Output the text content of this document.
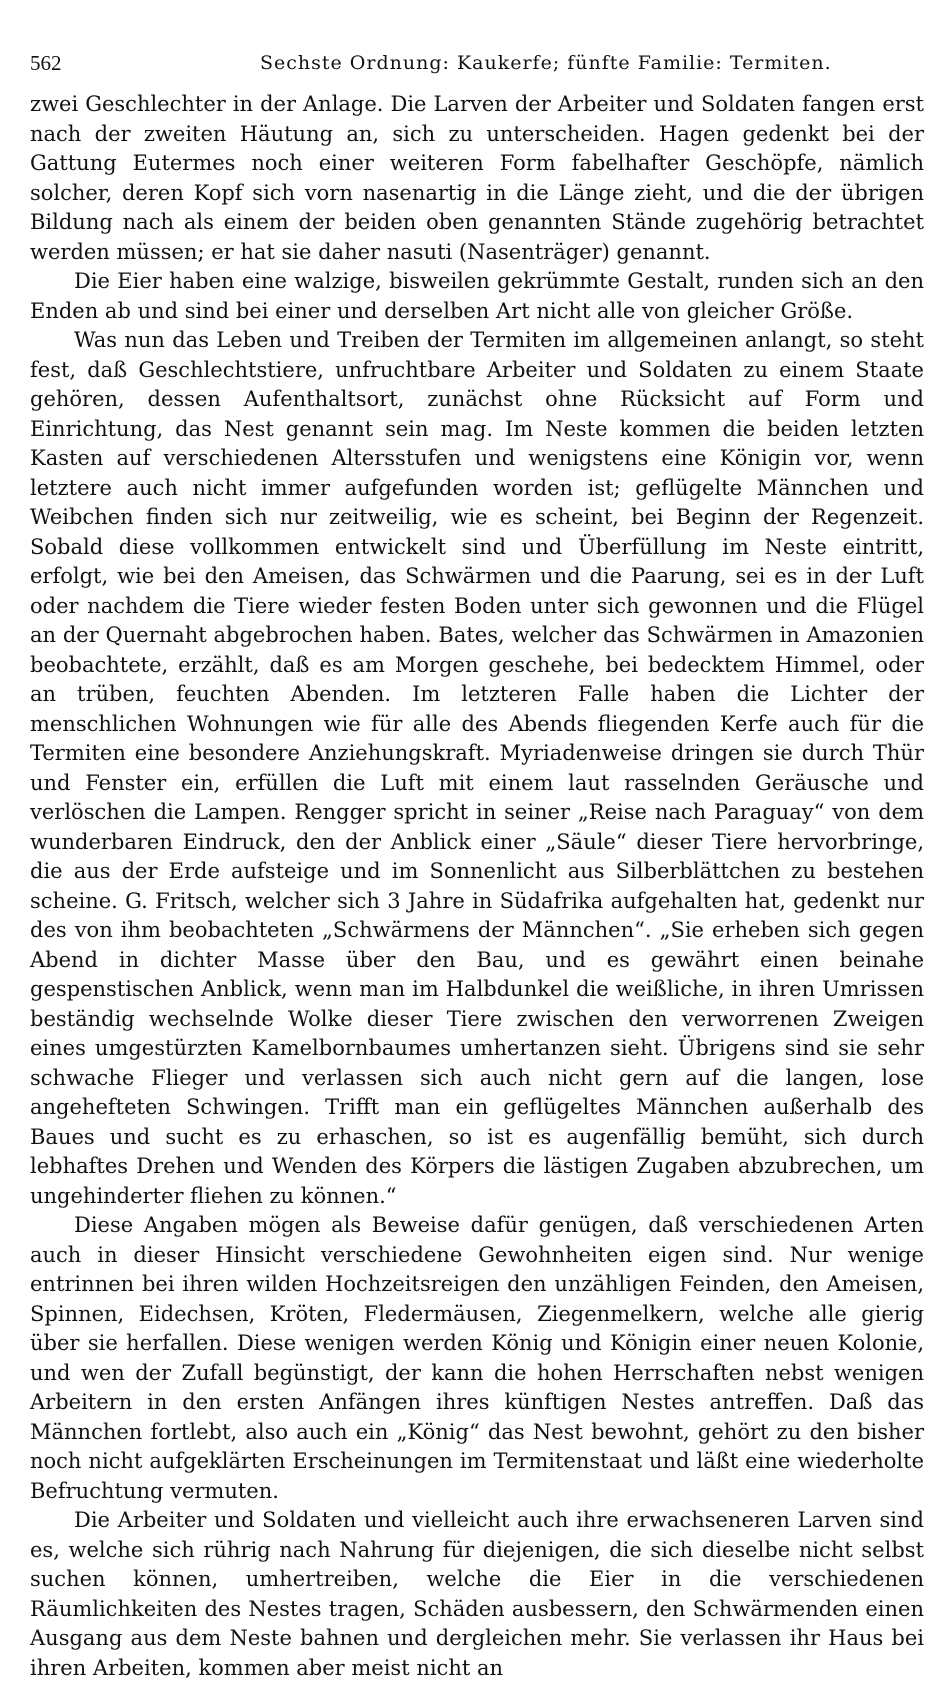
562	Sechste Ordnung: Kaukerfe; fünfte Familie: Termiten.

zwei Geschlechter in der Anlage. Die Larven der Arbeiter und Soldaten fangen erst nach der zweiten Häutung an, sich zu unterscheiden. Hagen gedenkt bei der Gattung Eutermes noch einer weiteren Form fabelhafter Geschöpfe, nämlich solcher, deren Kopf sich vorn nasenartig in die Länge zieht, und die der übrigen Bildung nach als einem der beiden oben genannten Stände zugehörig betrachtet werden müssen; er hat sie daher nasuti (Nasenträger) genannt.

Die Eier haben eine walzige, bisweilen gekrümmte Gestalt, runden sich an den Enden ab und sind bei einer und derselben Art nicht alle von gleicher Größe.

Was nun das Leben und Treiben der Termiten im allgemeinen anlangt, so steht fest, daß Geschlechtstiere, unfruchtbare Arbeiter und Soldaten zu einem Staate gehören, dessen Aufenthaltsort, zunächst ohne Rücksicht auf Form und Einrichtung, das Nest genannt sein mag. Im Neste kommen die beiden letzten Kasten auf verschiedenen Altersstufen und wenigstens eine Königin vor, wenn letztere auch nicht immer aufgefunden worden ist; geflügelte Männchen und Weibchen finden sich nur zeitweilig, wie es scheint, bei Beginn der Regenzeit. Sobald diese vollkommen entwickelt sind und Überfüllung im Neste eintritt, erfolgt, wie bei den Ameisen, das Schwärmen und die Paarung, sei es in der Luft oder nachdem die Tiere wieder festen Boden unter sich gewonnen und die Flügel an der Quernaht abgebrochen haben. Bates, welcher das Schwärmen in Amazonien beobachtete, erzählt, daß es am Morgen geschehe, bei bedecktem Himmel, oder an trüben, feuchten Abenden. Im letzteren Falle haben die Lichter der menschlichen Wohnungen wie für alle des Abends fliegenden Kerfe auch für die Termiten eine besondere Anziehungskraft. Myriadenweise dringen sie durch Thür und Fenster ein, erfüllen die Luft mit einem laut rasselnden Geräusche und verlöschen die Lampen. Rengger spricht in seiner „Reise nach Paraguay“ von dem wunderbaren Eindruck, den der Anblick einer „Säule“ dieser Tiere hervorbringe, die aus der Erde aufsteige und im Sonnenlicht aus Silberblättchen zu bestehen scheine. G. Fritsch, welcher sich 3 Jahre in Südafrika aufgehalten hat, gedenkt nur des von ihm beobachteten „Schwärmens der Männchen“. „Sie erheben sich gegen Abend in dichter Masse über den Bau, und es gewährt einen beinahe gespenstischen Anblick, wenn man im Halbdunkel die weißliche, in ihren Umrissen beständig wechselnde Wolke dieser Tiere zwischen den verworrenen Zweigen eines umgestürzten Kamelbornbaumes umhertanzen sieht. Übrigens sind sie sehr schwache Flieger und verlassen sich auch nicht gern auf die langen, lose angehefteten Schwingen. Trifft man ein geflügeltes Männchen außerhalb des Baues und sucht es zu erhaschen, so ist es augenfällig bemüht, sich durch lebhaftes Drehen und Wenden des Körpers die lästigen Zugaben abzubrechen, um ungehinderter fliehen zu können.“

Diese Angaben mögen als Beweise dafür genügen, daß verschiedenen Arten auch in dieser Hinsicht verschiedene Gewohnheiten eigen sind. Nur wenige entrinnen bei ihren wilden Hochzeitsreigen den unzähligen Feinden, den Ameisen, Spinnen, Eidechsen, Kröten, Fledermäusen, Ziegenmelkern, welche alle gierig über sie herfallen. Diese wenigen werden König und Königin einer neuen Kolonie, und wen der Zufall begünstigt, der kann die hohen Herrschaften nebst wenigen Arbeitern in den ersten Anfängen ihres künftigen Nestes antreffen. Daß das Männchen fortlebt, also auch ein „König“ das Nest bewohnt, gehört zu den bisher noch nicht aufgeklärten Erscheinungen im Termitenstaat und läßt eine wiederholte Befruchtung vermuten.

Die Arbeiter und Soldaten und vielleicht auch ihre erwachseneren Larven sind es, welche sich rührig nach Nahrung für diejenigen, die sich dieselbe nicht selbst suchen können, umhertreiben, welche die Eier in die verschiedenen Räumlichkeiten des Nestes tragen, Schäden ausbessern, den Schwärmenden einen Ausgang aus dem Neste bahnen und dergleichen mehr. Sie verlassen ihr Haus bei ihren Arbeiten, kommen aber meist nicht an
